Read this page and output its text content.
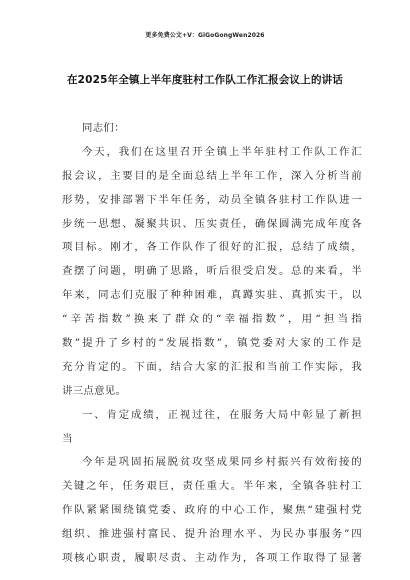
更多免费公文+V：GiGoGongWen2026
在2025年全镇上半年度驻村工作队工作汇报会议上的讲话
同志们：
今天，我们在这里召开全镇上半年驻村工作队工作汇
报会议，主要目的是全面总结上半年工作，深入分析当前
形势，安排部署下半年任务，动员全镇各驻村工作队进一
步统一思想、凝聚共识、压实责任，确保圆满完成年度各
项目标。刚才，各工作队作了很好的汇报，总结了成绩，
查摆了问题，明确了思路，听后很受启发。总的来看，半
年来，同志们克服了种种困难，真蹲实驻、真抓实干，以
“辛苦指数”换来了群众的“幸福指数”，用“担当指
数”提升了乡村的“发展指数”，镇党委对大家的工作是
充分肯定的。下面，结合大家的汇报和当前工作实际，我
讲三点意见。
一、肯定成绩，正视过往，在服务大局中彰显了新担
当
今年是巩固拓展脱贫攻坚成果同乡村振兴有效衔接的
关键之年，任务艰巨，责任重大。半年来，全镇各驻村工
作队紧紧围绕镇党委、政府的中心工作，聚焦“建强村党
组织、推进强村富民、提升治理水平、为民办事服务”四
项核心职责，履职尽责、主动作为，各项工作取得了显著
